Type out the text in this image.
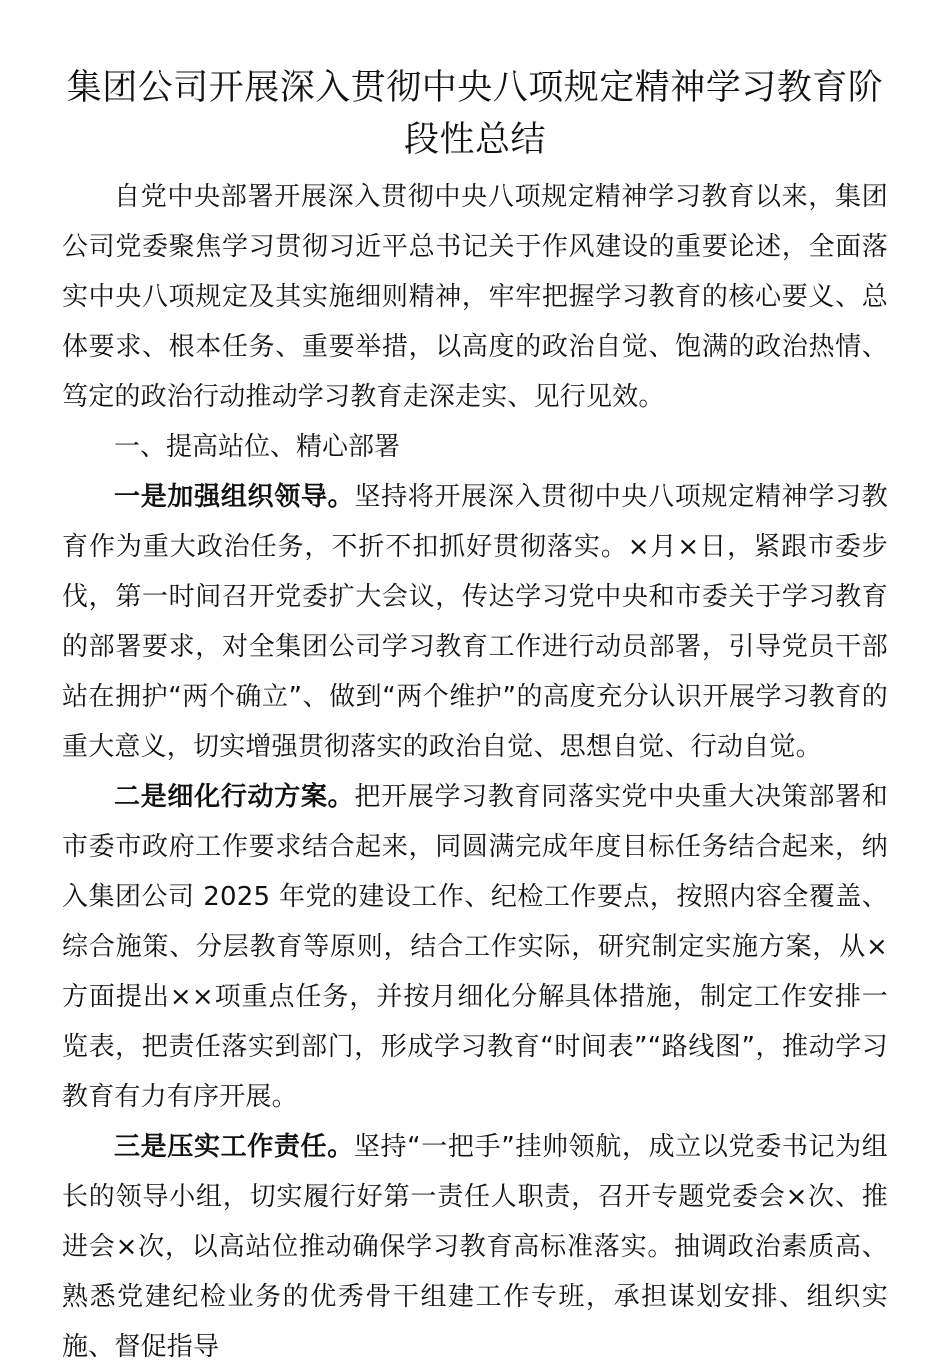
集团公司开展深入贯彻中央八项规定精神学习教育阶段性总结

自党中央部署开展深入贯彻中央八项规定精神学习教育以来，集团公司党委聚焦学习贯彻习近平总书记关于作风建设的重要论述，全面落实中央八项规定及其实施细则精神，牢牢把握学习教育的核心要义、总体要求、根本任务、重要举措，以高度的政治自觉、饱满的政治热情、笃定的政治行动推动学习教育走深走实、见行见效。

一、提高站位、精心部署

一是加强组织领导。坚持将开展深入贯彻中央八项规定精神学习教育作为重大政治任务，不折不扣抓好贯彻落实。×月×日，紧跟市委步伐，第一时间召开党委扩大会议，传达学习党中央和市委关于学习教育的部署要求，对全集团公司学习教育工作进行动员部署，引导党员干部站在拥护“两个确立”、做到“两个维护”的高度充分认识开展学习教育的重大意义，切实增强贯彻落实的政治自觉、思想自觉、行动自觉。

二是细化行动方案。把开展学习教育同落实党中央重大决策部署和市委市政府工作要求结合起来，同圆满完成年度目标任务结合起来，纳入集团公司 2025 年党的建设工作、纪检工作要点，按照内容全覆盖、综合施策、分层教育等原则，结合工作实际，研究制定实施方案，从×方面提出××项重点任务，并按月细化分解具体措施，制定工作安排一览表，把责任落实到部门，形成学习教育“时间表”“路线图”，推动学习教育有力有序开展。

三是压实工作责任。坚持“一把手”挂帅领航，成立以党委书记为组长的领导小组，切实履行好第一责任人职责，召开专题党委会×次、推进会×次，以高站位推动确保学习教育高标准落实。抽调政治素质高、熟悉党建纪检业务的优秀骨干组建工作专班，承担谋划安排、组织实施、督促指导
